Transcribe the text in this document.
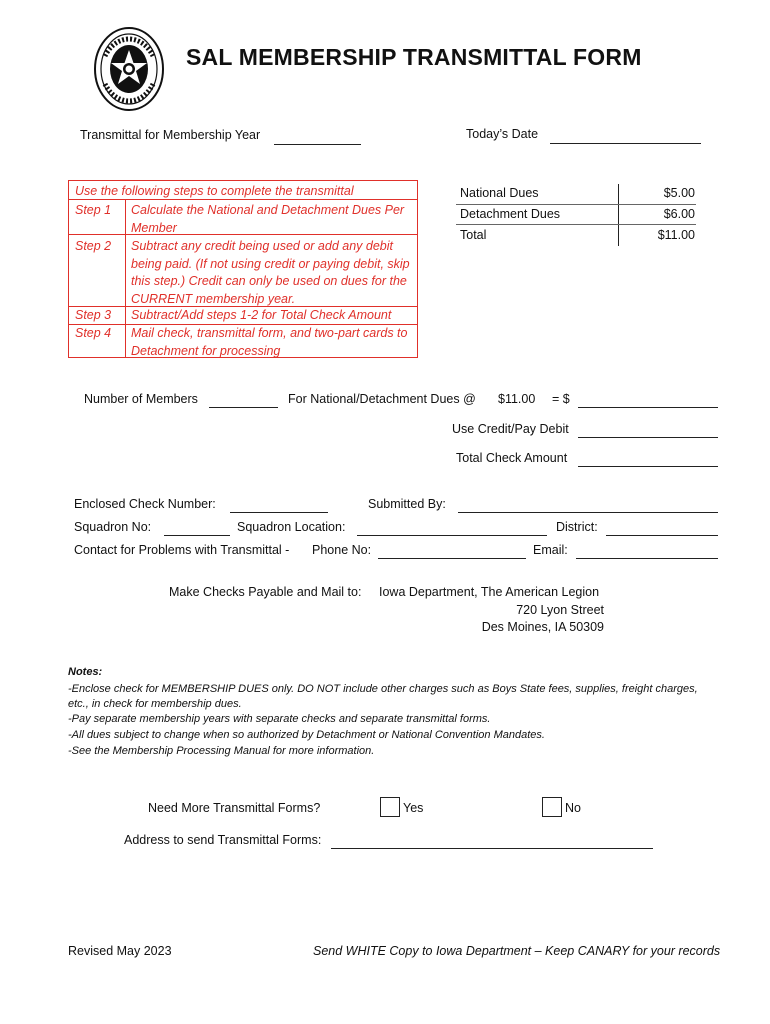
SAL MEMBERSHIP TRANSMITTAL FORM
Transmittal for Membership Year	Today’s Date
Use the following steps to complete the transmittal
Step 1 Calculate the National and Detachment Dues Per Member
Step 2 Subtract any credit being used or add any debit being paid. (If not using credit or paying debit, skip this step.) Credit can only be used on dues for the CURRENT membership year.
Step 3 Subtract/Add steps 1-2 for Total Check Amount
Step 4 Mail check, transmittal form, and two-part cards to Detachment for processing
National Dues	$5.00
Detachment Dues	$6.00
Total	$11.00
Number of Members	For National/Detachment Dues @ $11.00 = $
Use Credit/Pay Debit
Total Check Amount
Enclosed Check Number:	Submitted By:
Squadron No:	Squadron Location:	District:
Contact for Problems with Transmittal - Phone No:	Email:
Make Checks Payable and Mail to: Iowa Department, The American Legion
720 Lyon Street
Des Moines, IA 50309
Notes:
-Enclose check for MEMBERSHIP DUES only. DO NOT include other charges such as Boys State fees, supplies, freight charges,
etc., in check for membership dues.
-Pay separate membership years with separate checks and separate transmittal forms.
-All dues subject to change when so authorized by Detachment or National Convention Mandates.
-See the Membership Processing Manual for more information.
Need More Transmittal Forms?	Yes	No
Address to send Transmittal Forms:
Revised May 2023	Send WHITE Copy to Iowa Department – Keep CANARY for your records
